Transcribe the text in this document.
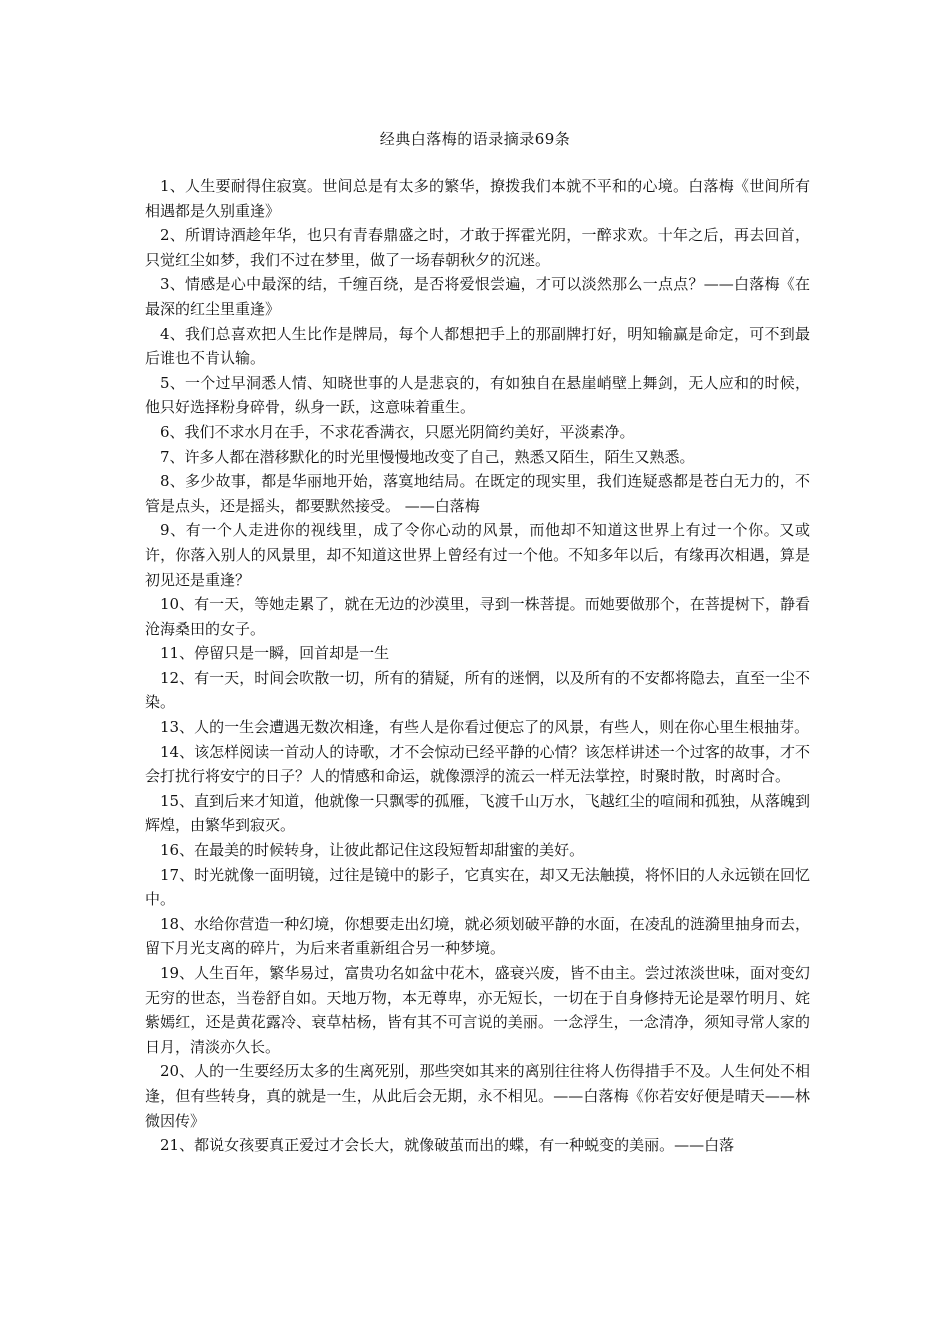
经典白落梅的语录摘录69条

1、人生要耐得住寂寞。世间总是有太多的繁华，撩拨我们本就不平和的心境。白落梅《世间所有相遇都是久别重逢》

2、所谓诗酒趁年华，也只有青春鼎盛之时，才敢于挥霍光阴，一醉求欢。十年之后，再去回首，只觉红尘如梦，我们不过在梦里，做了一场春朝秋夕的沉迷。

3、情感是心中最深的结，千缠百绕，是否将爱恨尝遍，才可以淡然那么一点点？——白落梅《在最深的红尘里重逢》

4、我们总喜欢把人生比作是牌局，每个人都想把手上的那副牌打好，明知输赢是命定，可不到最后谁也不肯认输。

5、一个过早洞悉人情、知晓世事的人是悲哀的，有如独自在悬崖峭壁上舞剑，无人应和的时候，他只好选择粉身碎骨，纵身一跃，这意味着重生。

6、我们不求水月在手，不求花香满衣，只愿光阴简约美好，平淡素净。

7、许多人都在潜移默化的时光里慢慢地改变了自己，熟悉又陌生，陌生又熟悉。

8、多少故事，都是华丽地开始，落寞地结局。在既定的现实里，我们连疑惑都是苍白无力的，不管是点头，还是摇头，都要默然接受。 ——白落梅

9、有一个人走进你的视线里，成了令你心动的风景，而他却不知道这世界上有过一个你。又或许，你落入别人的风景里，却不知道这世界上曾经有过一个他。不知多年以后，有缘再次相遇，算是初见还是重逢？

10、有一天，等她走累了，就在无边的沙漠里，寻到一株菩提。而她要做那个，在菩提树下，静看沧海桑田的女子。

11、停留只是一瞬，回首却是一生

12、有一天，时间会吹散一切，所有的猜疑，所有的迷惘，以及所有的不安都将隐去，直至一尘不染。

13、人的一生会遭遇无数次相逢，有些人是你看过便忘了的风景，有些人，则在你心里生根抽芽。

14、该怎样阅读一首动人的诗歌，才不会惊动已经平静的心情？该怎样讲述一个过客的故事，才不会打扰行将安宁的日子？人的情感和命运，就像漂浮的流云一样无法掌控，时聚时散，时离时合。

15、直到后来才知道，他就像一只飘零的孤雁，飞渡千山万水，飞越红尘的喧闹和孤独，从落魄到辉煌，由繁华到寂灭。

16、在最美的时候转身，让彼此都记住这段短暂却甜蜜的美好。

17、时光就像一面明镜，过往是镜中的影子，它真实在，却又无法触摸，将怀旧的人永远锁在回忆中。

18、水给你营造一种幻境，你想要走出幻境，就必须划破平静的水面，在凌乱的涟漪里抽身而去，留下月光支离的碎片，为后来者重新组合另一种梦境。

19、人生百年，繁华易过，富贵功名如盆中花木，盛衰兴废，皆不由主。尝过浓淡世味，面对变幻无穷的世态，当卷舒自如。天地万物，本无尊卑，亦无短长，一切在于自身修持无论是翠竹明月、姹紫嫣红，还是黄花露冷、衰草枯杨，皆有其不可言说的美丽。一念浮生，一念清净，须知寻常人家的日月，清淡亦久长。

20、人的一生要经历太多的生离死别，那些突如其来的离别往往将人伤得措手不及。人生何处不相逢，但有些转身，真的就是一生，从此后会无期，永不相见。——白落梅《你若安好便是晴天——林微因传》

21、都说女孩要真正爱过才会长大，就像破茧而出的蝶，有一种蜕变的美丽。——白落
